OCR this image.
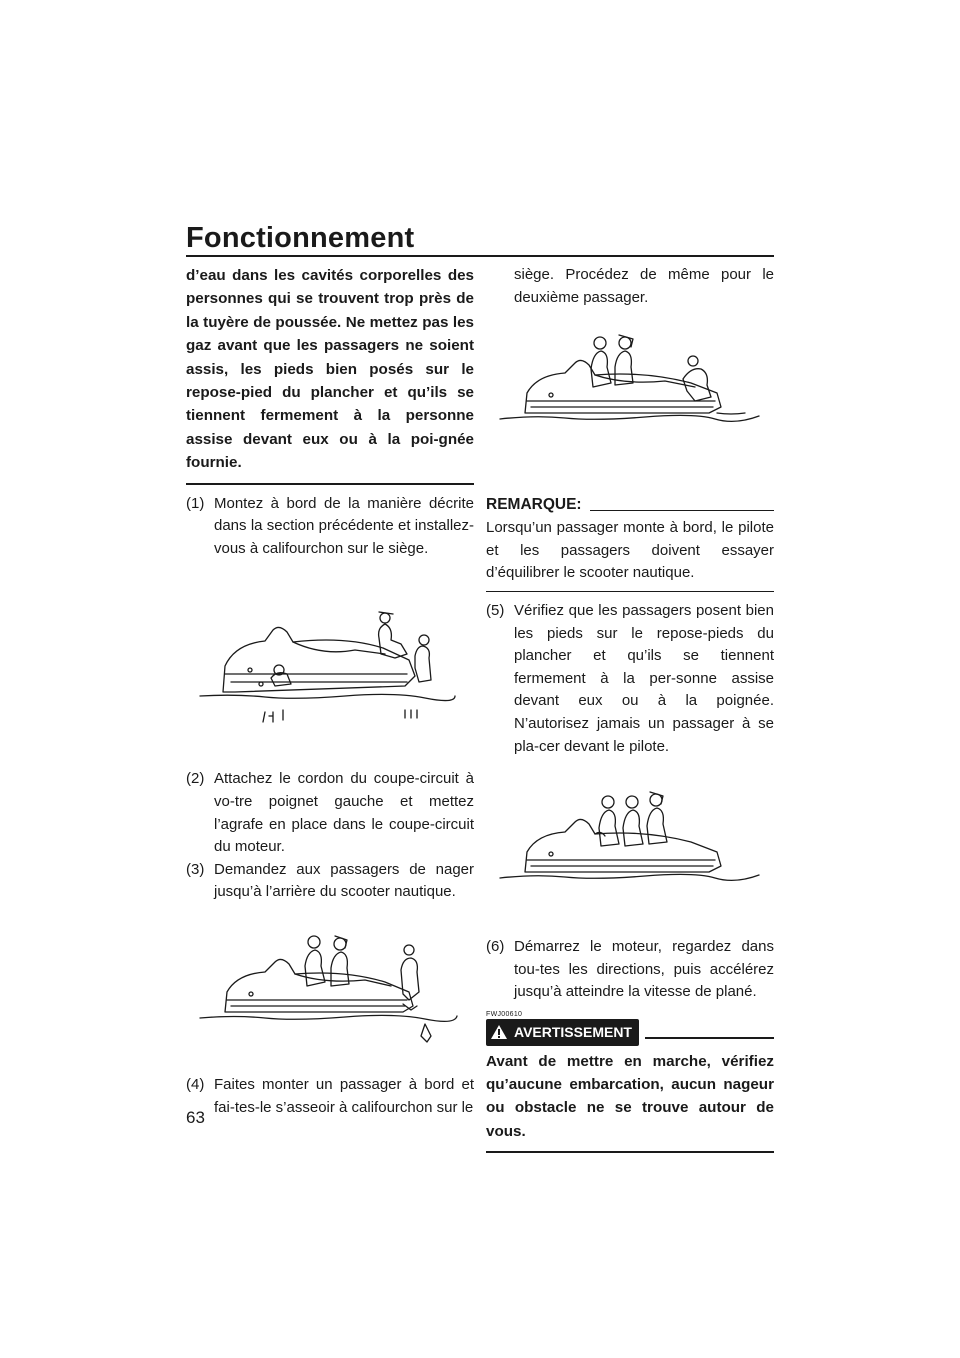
Fonctionnement

d’eau dans les cavités corporelles des personnes qui se trouvent trop près de la tuyère de poussée. Ne mettez pas les gaz avant que les passagers ne soient assis, les pieds bien posés sur le repose-pied du plancher et qu’ils se tiennent fermement à la personne assise devant eux ou à la poi-gnée fournie.

(1) Montez à bord de la manière décrite dans la section précédente et installez-vous à califourchon sur le siège.
(2) Attachez le cordon du coupe-circuit à vo-tre poignet gauche et mettez l’agrafe en place dans le coupe-circuit du moteur.
(3) Demandez aux passagers de nager jusqu’à l’arrière du scooter nautique.
(4) Faites monter un passager à bord et fai-tes-le s’asseoir à califourchon sur le

siège. Procédez de même pour le deuxième passager.

REMARQUE:

Lorsqu’un passager monte à bord, le pilote et les passagers doivent essayer d’équilibrer le scooter nautique.

(5) Vérifiez que les passagers posent bien les pieds sur le repose-pieds du plancher et qu’ils se tiennent fermement à la per-sonne assise devant eux ou à la poignée. N’autorisez jamais un passager à se pla-cer devant le pilote.
(6) Démarrez le moteur, regardez dans tou-tes les directions, puis accélérez jusqu’à atteindre la vitesse de plané.
FWJ00610
AVERTISSEMENT

Avant de mettre en marche, vérifiez qu’aucune embarcation, aucun nageur ou obstacle ne se trouve autour de vous.

63
